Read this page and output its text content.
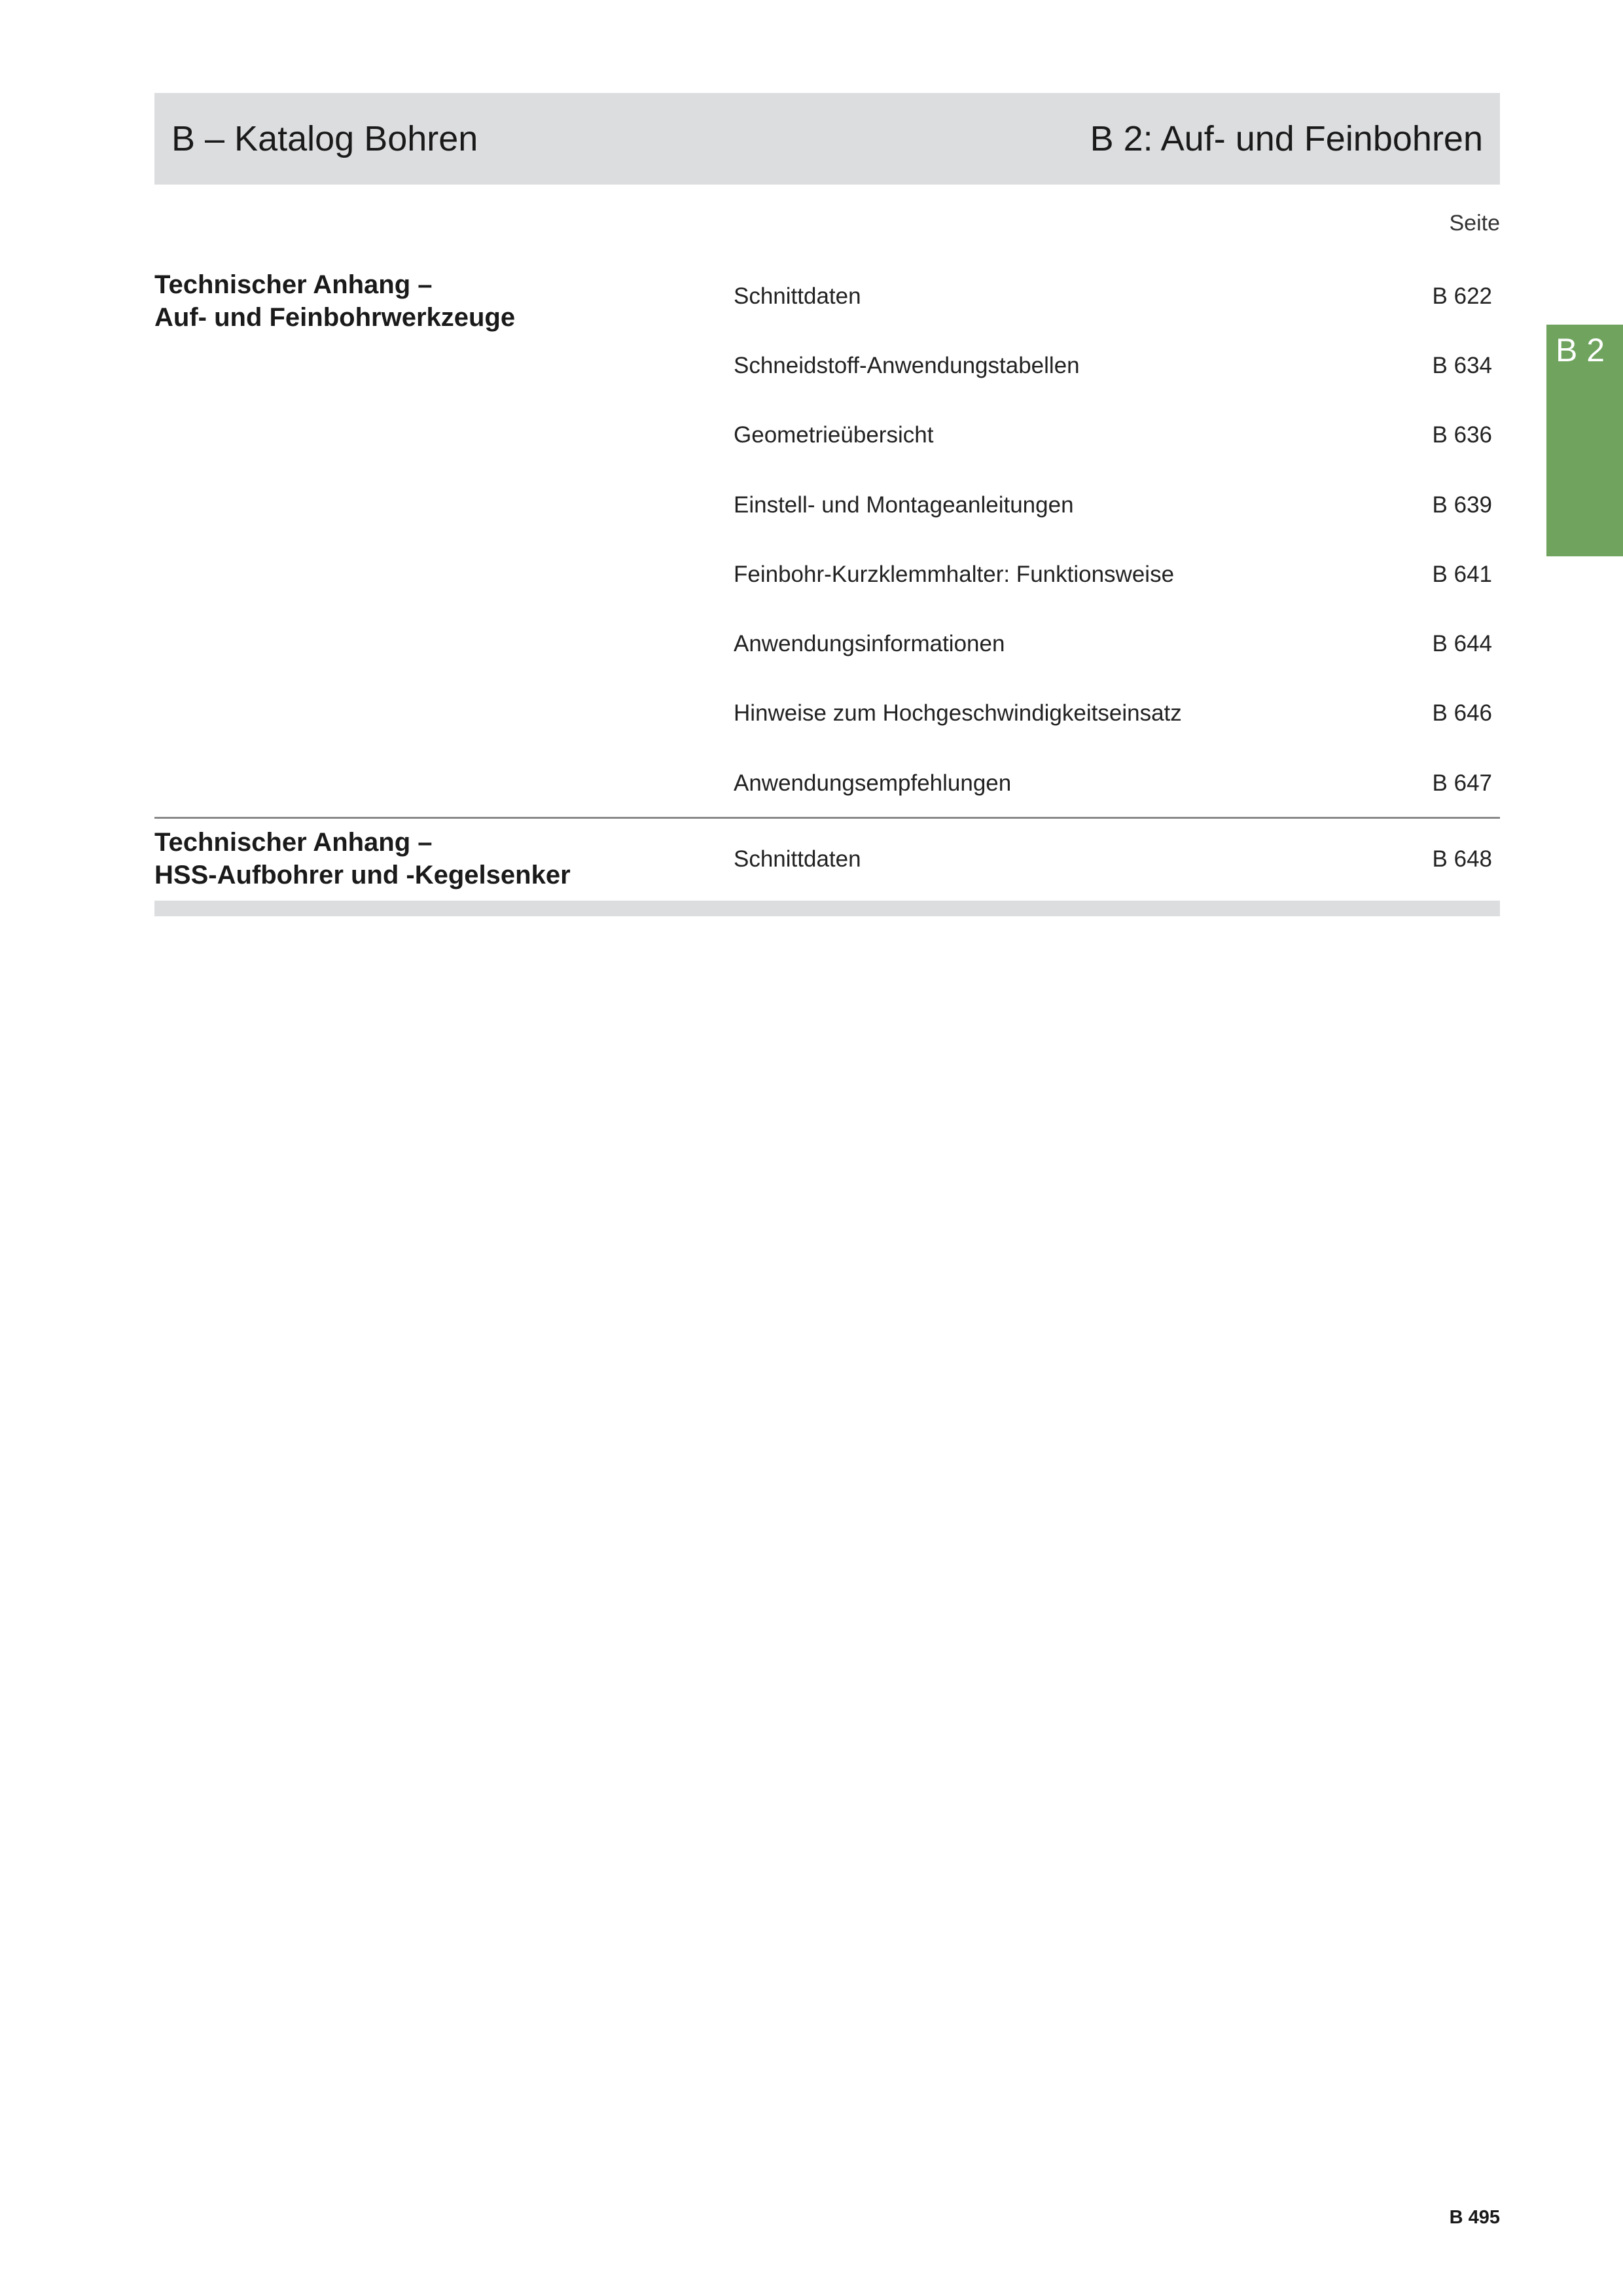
B – Katalog Bohren	B 2: Auf- und Feinbohren
Seite
B 2
Technischer Anhang –
Auf- und Feinbohrwerkzeuge
Schnittdaten	B 622
Schneidstoff-Anwendungstabellen	B 634
Geometrieübersicht	B 636
Einstell- und Montageanleitungen	B 639
Feinbohr-Kurzklemmhalter: Funktionsweise	B 641
Anwendungsinformationen	B 644
Hinweise zum Hochgeschwindigkeitseinsatz	B 646
Anwendungsempfehlungen	B 647
Technischer Anhang –
HSS-Aufbohrer und -Kegelsenker
Schnittdaten	B 648
B 495
